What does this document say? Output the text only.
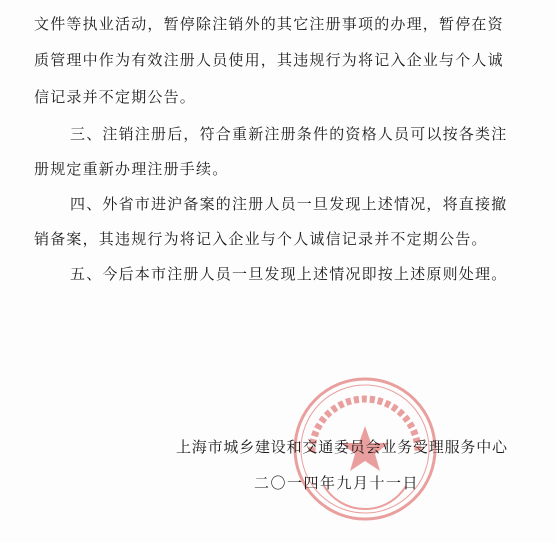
文件等执业活动，暂停除注销外的其它注册事项的办理，暂停在资
质管理中作为有效注册人员使用，其违规行为将记入企业与个人诚
信记录并不定期公告。
三、注销注册后，符合重新注册条件的资格人员可以按各类注
册规定重新办理注册手续。
四、外省市进沪备案的注册人员一旦发现上述情况，将直接撤
销备案，其违规行为将记入企业与个人诚信记录并不定期公告。
五、今后本市注册人员一旦发现上述情况即按上述原则处理。
上海市城乡建设和交通委员会业务受理服务中心
二〇一四年九月十一日
